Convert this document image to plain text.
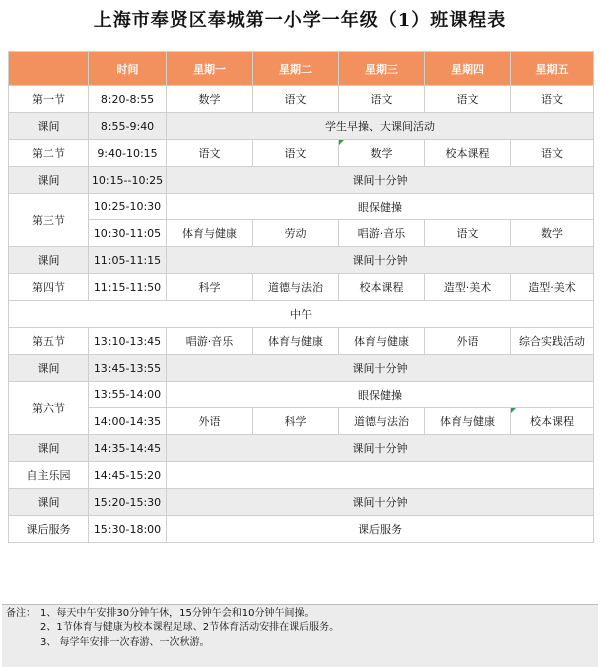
上海市奉贤区奉城第一小学一年级（1）班课程表
	时间	星期一	星期二	星期三	星期四	星期五
第一节	8:20-8:55	数学	语文	语文	语文	语文
课间	8:55-9:40	学生早操、大课间活动				
第二节	9:40-10:15	语文	语文	数学	校本课程	语文
课间	10:15--10:25	课间十分钟				
第三节	10:25-10:30	眼保健操				
	10:30-11:05	体育与健康	劳动	唱游·音乐	语文	数学
课间	11:05-11:15	课间十分钟				
第四节	11:15-11:50	科学	道德与法治	校本课程	造型·美术	造型·美术
中午						
第五节	13:10-13:45	唱游·音乐	体育与健康	体育与健康	外语	综合实践活动
课间	13:45-13:55	课间十分钟				
第六节	13:55-14:00	眼保健操				
	14:00-14:35	外语	科学	道德与法治	体育与健康	校本课程
课间	14:35-14:45	课间十分钟				
自主乐园	14:45-15:20					
课间	15:20-15:30	课间十分钟				
课后服务	15:30-18:00	课后服务				
备注： 1、每天中午安排30分钟午休，15分钟午会和10分钟午间操。
2、1节体育与健康为校本课程足球、2节体育活动安排在课后服务。
3、 每学年安排一次春游、一次秋游。
